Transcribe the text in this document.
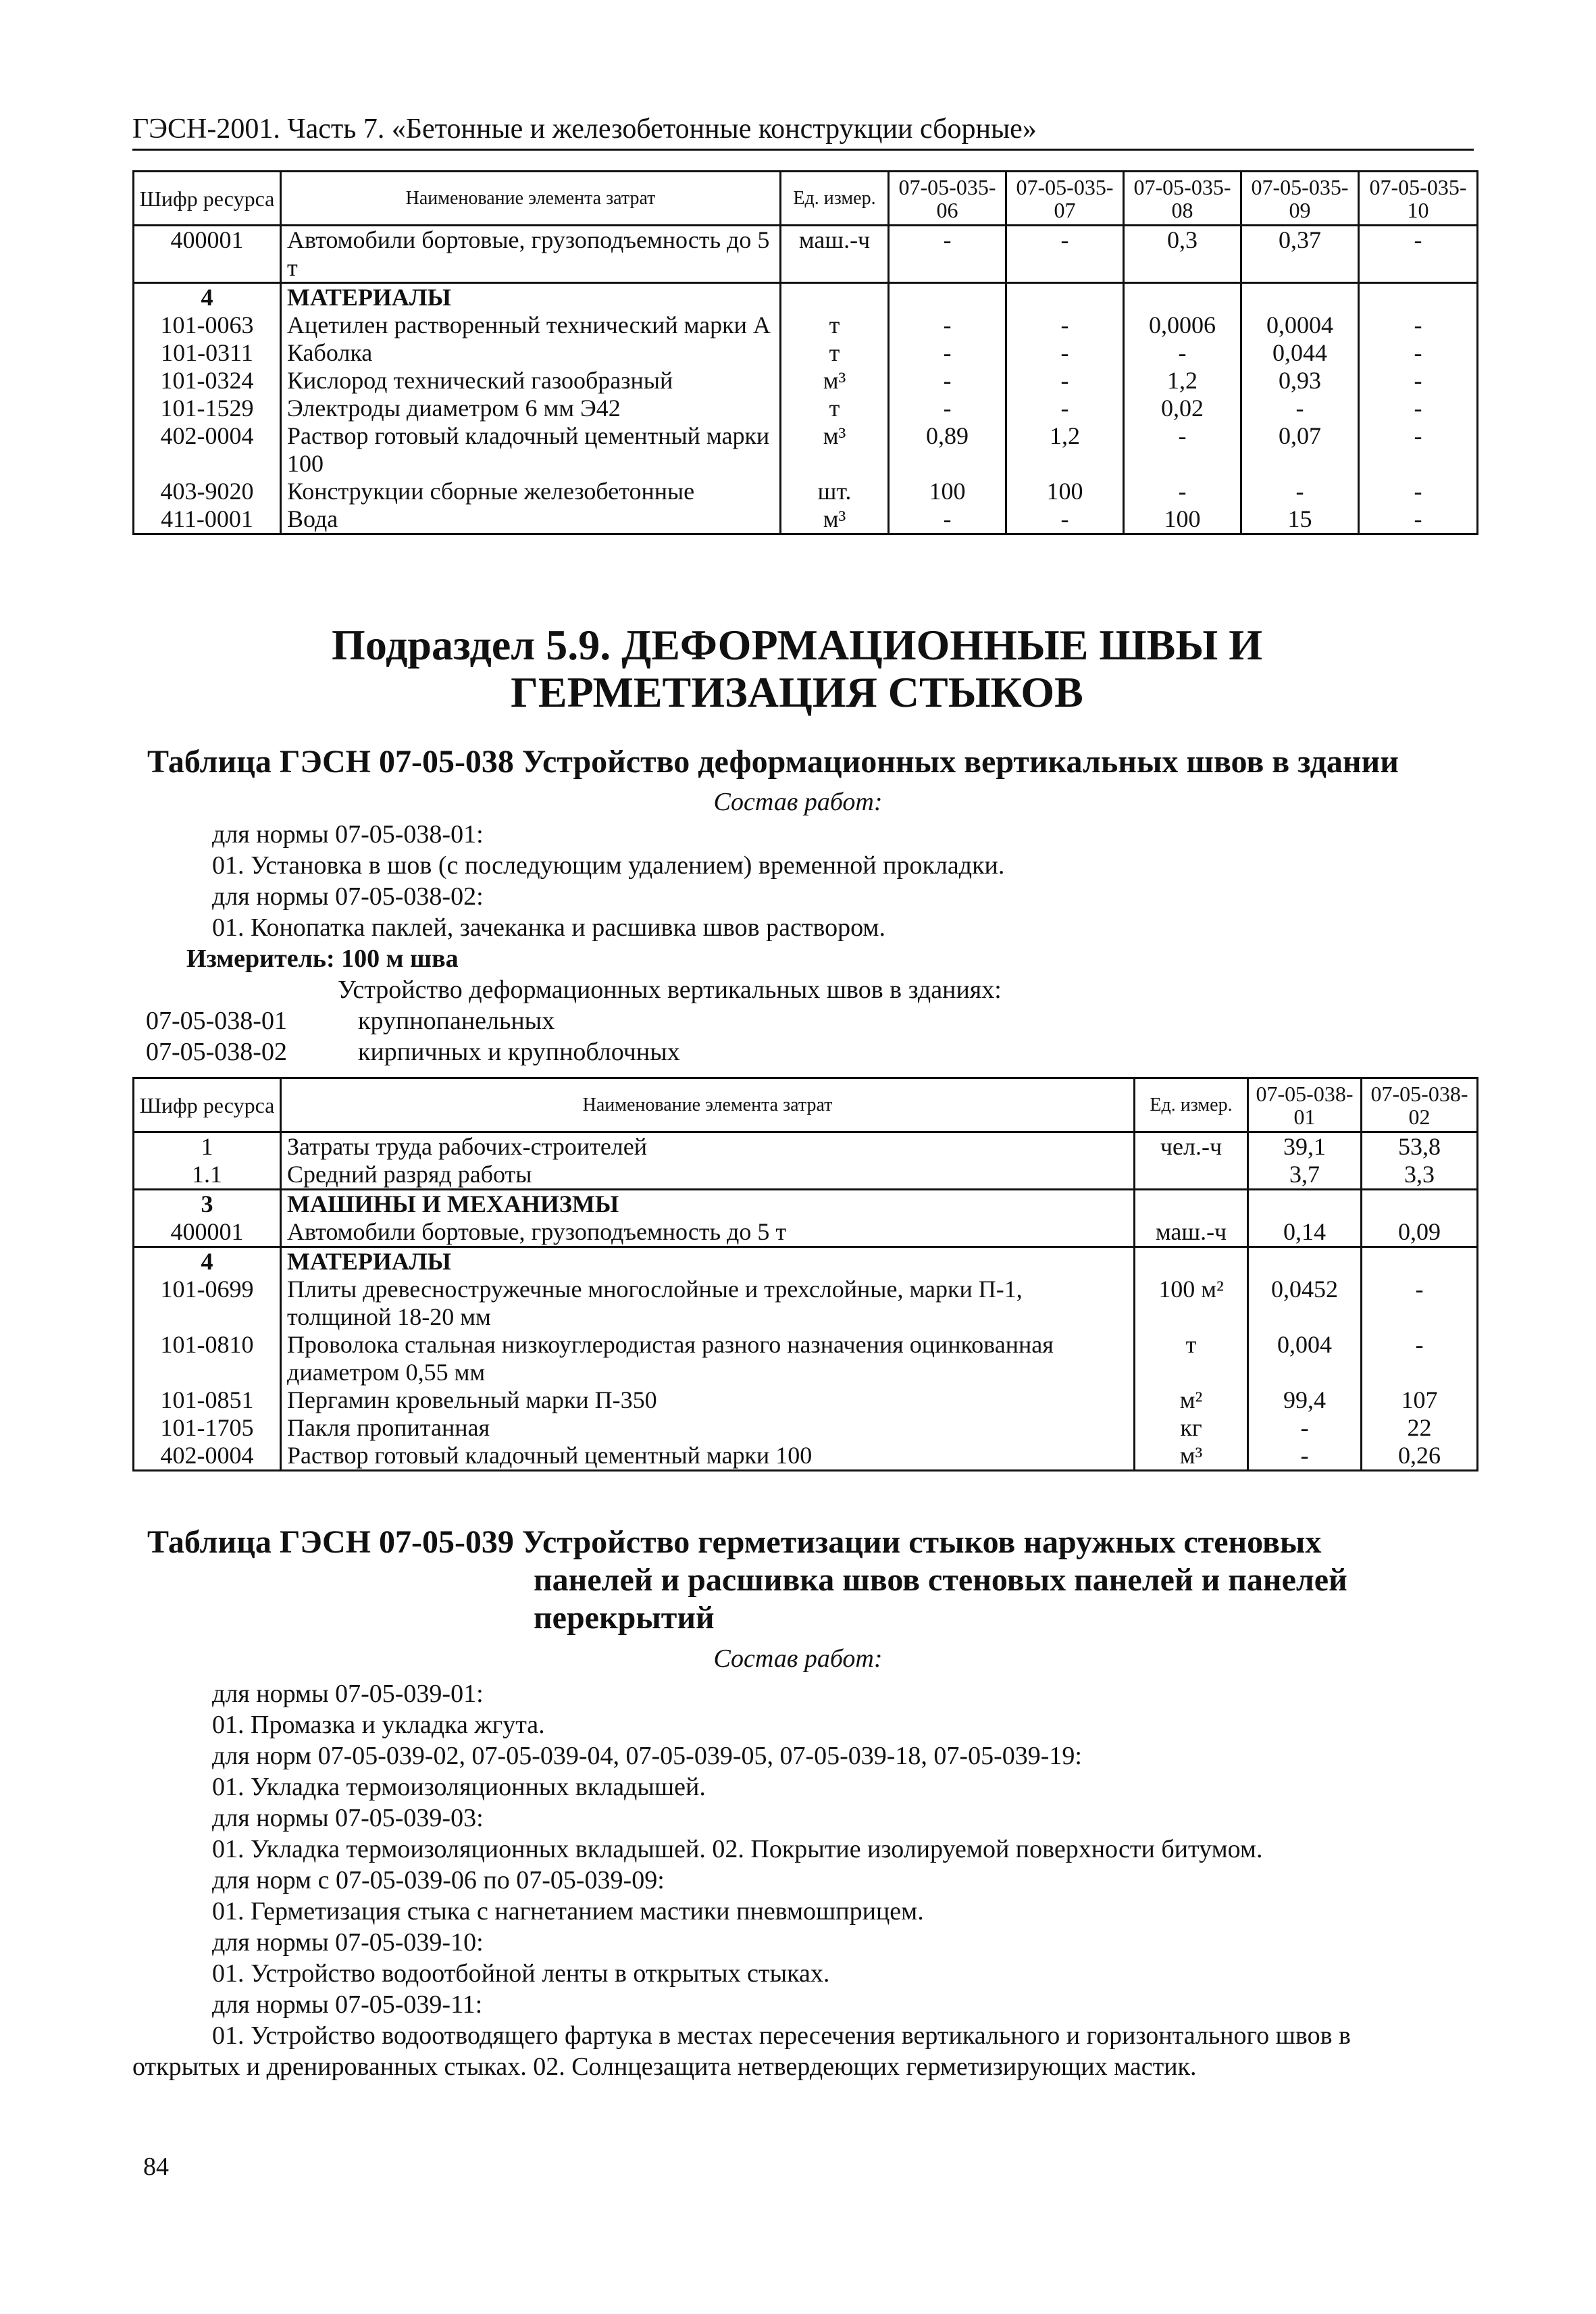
ГЭСН-2001. Часть 7. «Бетонные и железобетонные конструкции сборные»
Шифр ресурса	Наименование элемента затрат	Ед. измер.	07-05-035-06	07-05-035-07	07-05-035-08	07-05-035-09	07-05-035-10
400001	Автомобили бортовые, грузоподъемность до 5 т	маш.-ч	-	-	0,3	0,37	-
4	МАТЕРИАЛЫ						
101-0063	Ацетилен растворенный технический марки А	т	-	-	0,0006	0,0004	-
101-0311	Каболка	т	-	-	-	0,044	-
101-0324	Кислород технический газообразный	м³	-	-	1,2	0,93	-
101-1529	Электроды диаметром 6 мм Э42	т	-	-	0,02	-	-
402-0004	Раствор готовый кладочный цементный марки 100	м³	0,89	1,2	-	0,07	-
403-9020	Конструкции сборные железобетонные	шт.	100	100	-	-	-
411-0001	Вода	м³	-	-	100	15	-
Подраздел 5.9. ДЕФОРМАЦИОННЫЕ ШВЫ И ГЕРМЕТИЗАЦИЯ СТЫКОВ
Таблица ГЭСН 07-05-038 Устройство деформационных вертикальных швов в здании
Состав работ:
для нормы 07-05-038-01:
01. Установка в шов (с последующим удалением) временной прокладки.
для нормы 07-05-038-02:
01. Конопатка паклей, зачеканка и расшивка швов раствором.
Измеритель: 100 м шва
Устройство деформационных вертикальных швов в зданиях:
07-05-038-01	крупнопанельных
07-05-038-02	кирпичных и крупноблочных
Шифр ресурса	Наименование элемента затрат	Ед. измер.	07-05-038-01	07-05-038-02
1	Затраты труда рабочих-строителей	чел.-ч	39,1	53,8
1.1	Средний разряд работы		3,7	3,3
3	МАШИНЫ И МЕХАНИЗМЫ			
400001	Автомобили бортовые, грузоподъемность до 5 т	маш.-ч	0,14	0,09
4	МАТЕРИАЛЫ			
101-0699	Плиты древесностружечные многослойные и трехслойные, марки П-1, толщиной 18-20 мм	100 м²	0,0452	-
101-0810	Проволока стальная низкоуглеродистая разного назначения оцинкованная диаметром 0,55 мм	т	0,004	-
101-0851	Пергамин кровельный марки П-350	м²	99,4	107
101-1705	Пакля пропитанная	кг	-	22
402-0004	Раствор готовый кладочный цементный марки 100	м³	-	0,26
Таблица ГЭСН 07-05-039 Устройство герметизации стыков наружных стеновых
панелей и расшивка швов стеновых панелей и панелей
перекрытий
Состав работ:
для нормы 07-05-039-01:
01. Промазка и укладка жгута.
для норм 07-05-039-02, 07-05-039-04, 07-05-039-05, 07-05-039-18, 07-05-039-19:
01. Укладка термоизоляционных вкладышей.
для нормы 07-05-039-03:
01. Укладка термоизоляционных вкладышей. 02. Покрытие изолируемой поверхности битумом.
для норм с 07-05-039-06 по 07-05-039-09:
01. Герметизация стыка с нагнетанием мастики пневмошприцем.
для нормы 07-05-039-10:
01. Устройство водоотбойной ленты в открытых стыках.
для нормы 07-05-039-11:
01. Устройство водоотводящего фартука в местах пересечения вертикального и горизонтального швов в
открытых и дренированных стыках. 02. Солнцезащита нетвердеющих герметизирующих мастик.
84
